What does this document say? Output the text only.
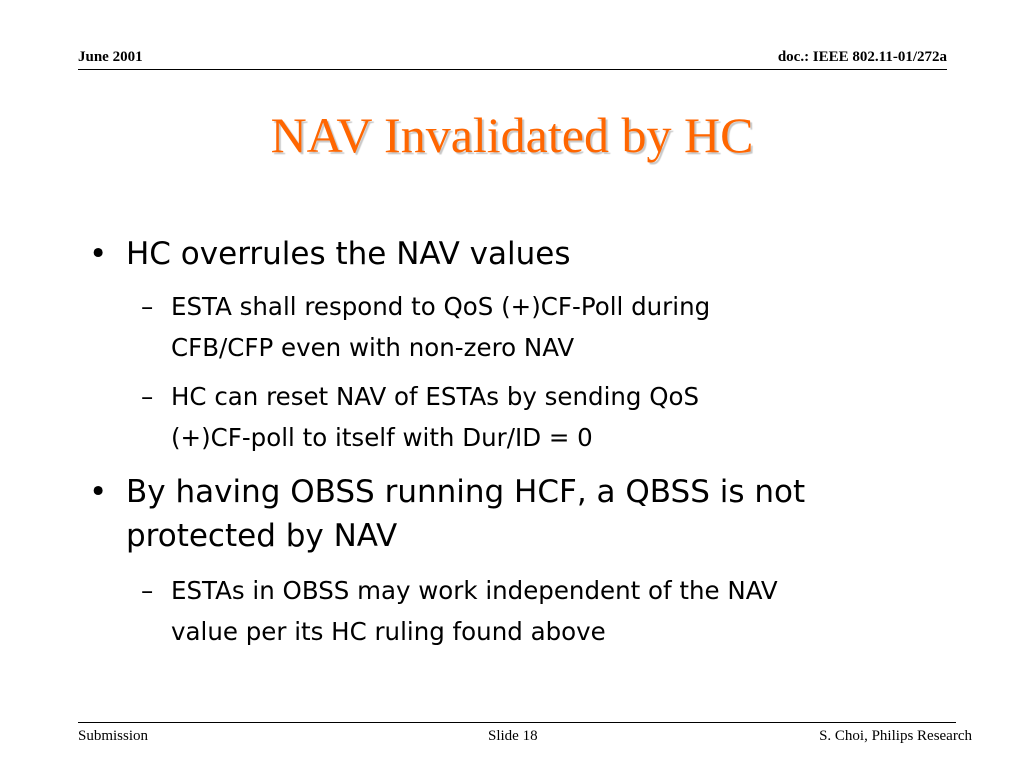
June 2001	doc.: IEEE 802.11-01/272a
NAV Invalidated by HC
• HC overrules the NAV values
– ESTA shall respond to QoS (+)CF-Poll during
CFB/CFP even with non-zero NAV
– HC can reset NAV of ESTAs by sending QoS
(+)CF-poll to itself with Dur/ID = 0
• By having OBSS running HCF, a QBSS is not
protected by NAV
– ESTAs in OBSS may work independent of the NAV
value per its HC ruling found above
Submission	Slide 18	S. Choi, Philips Research
